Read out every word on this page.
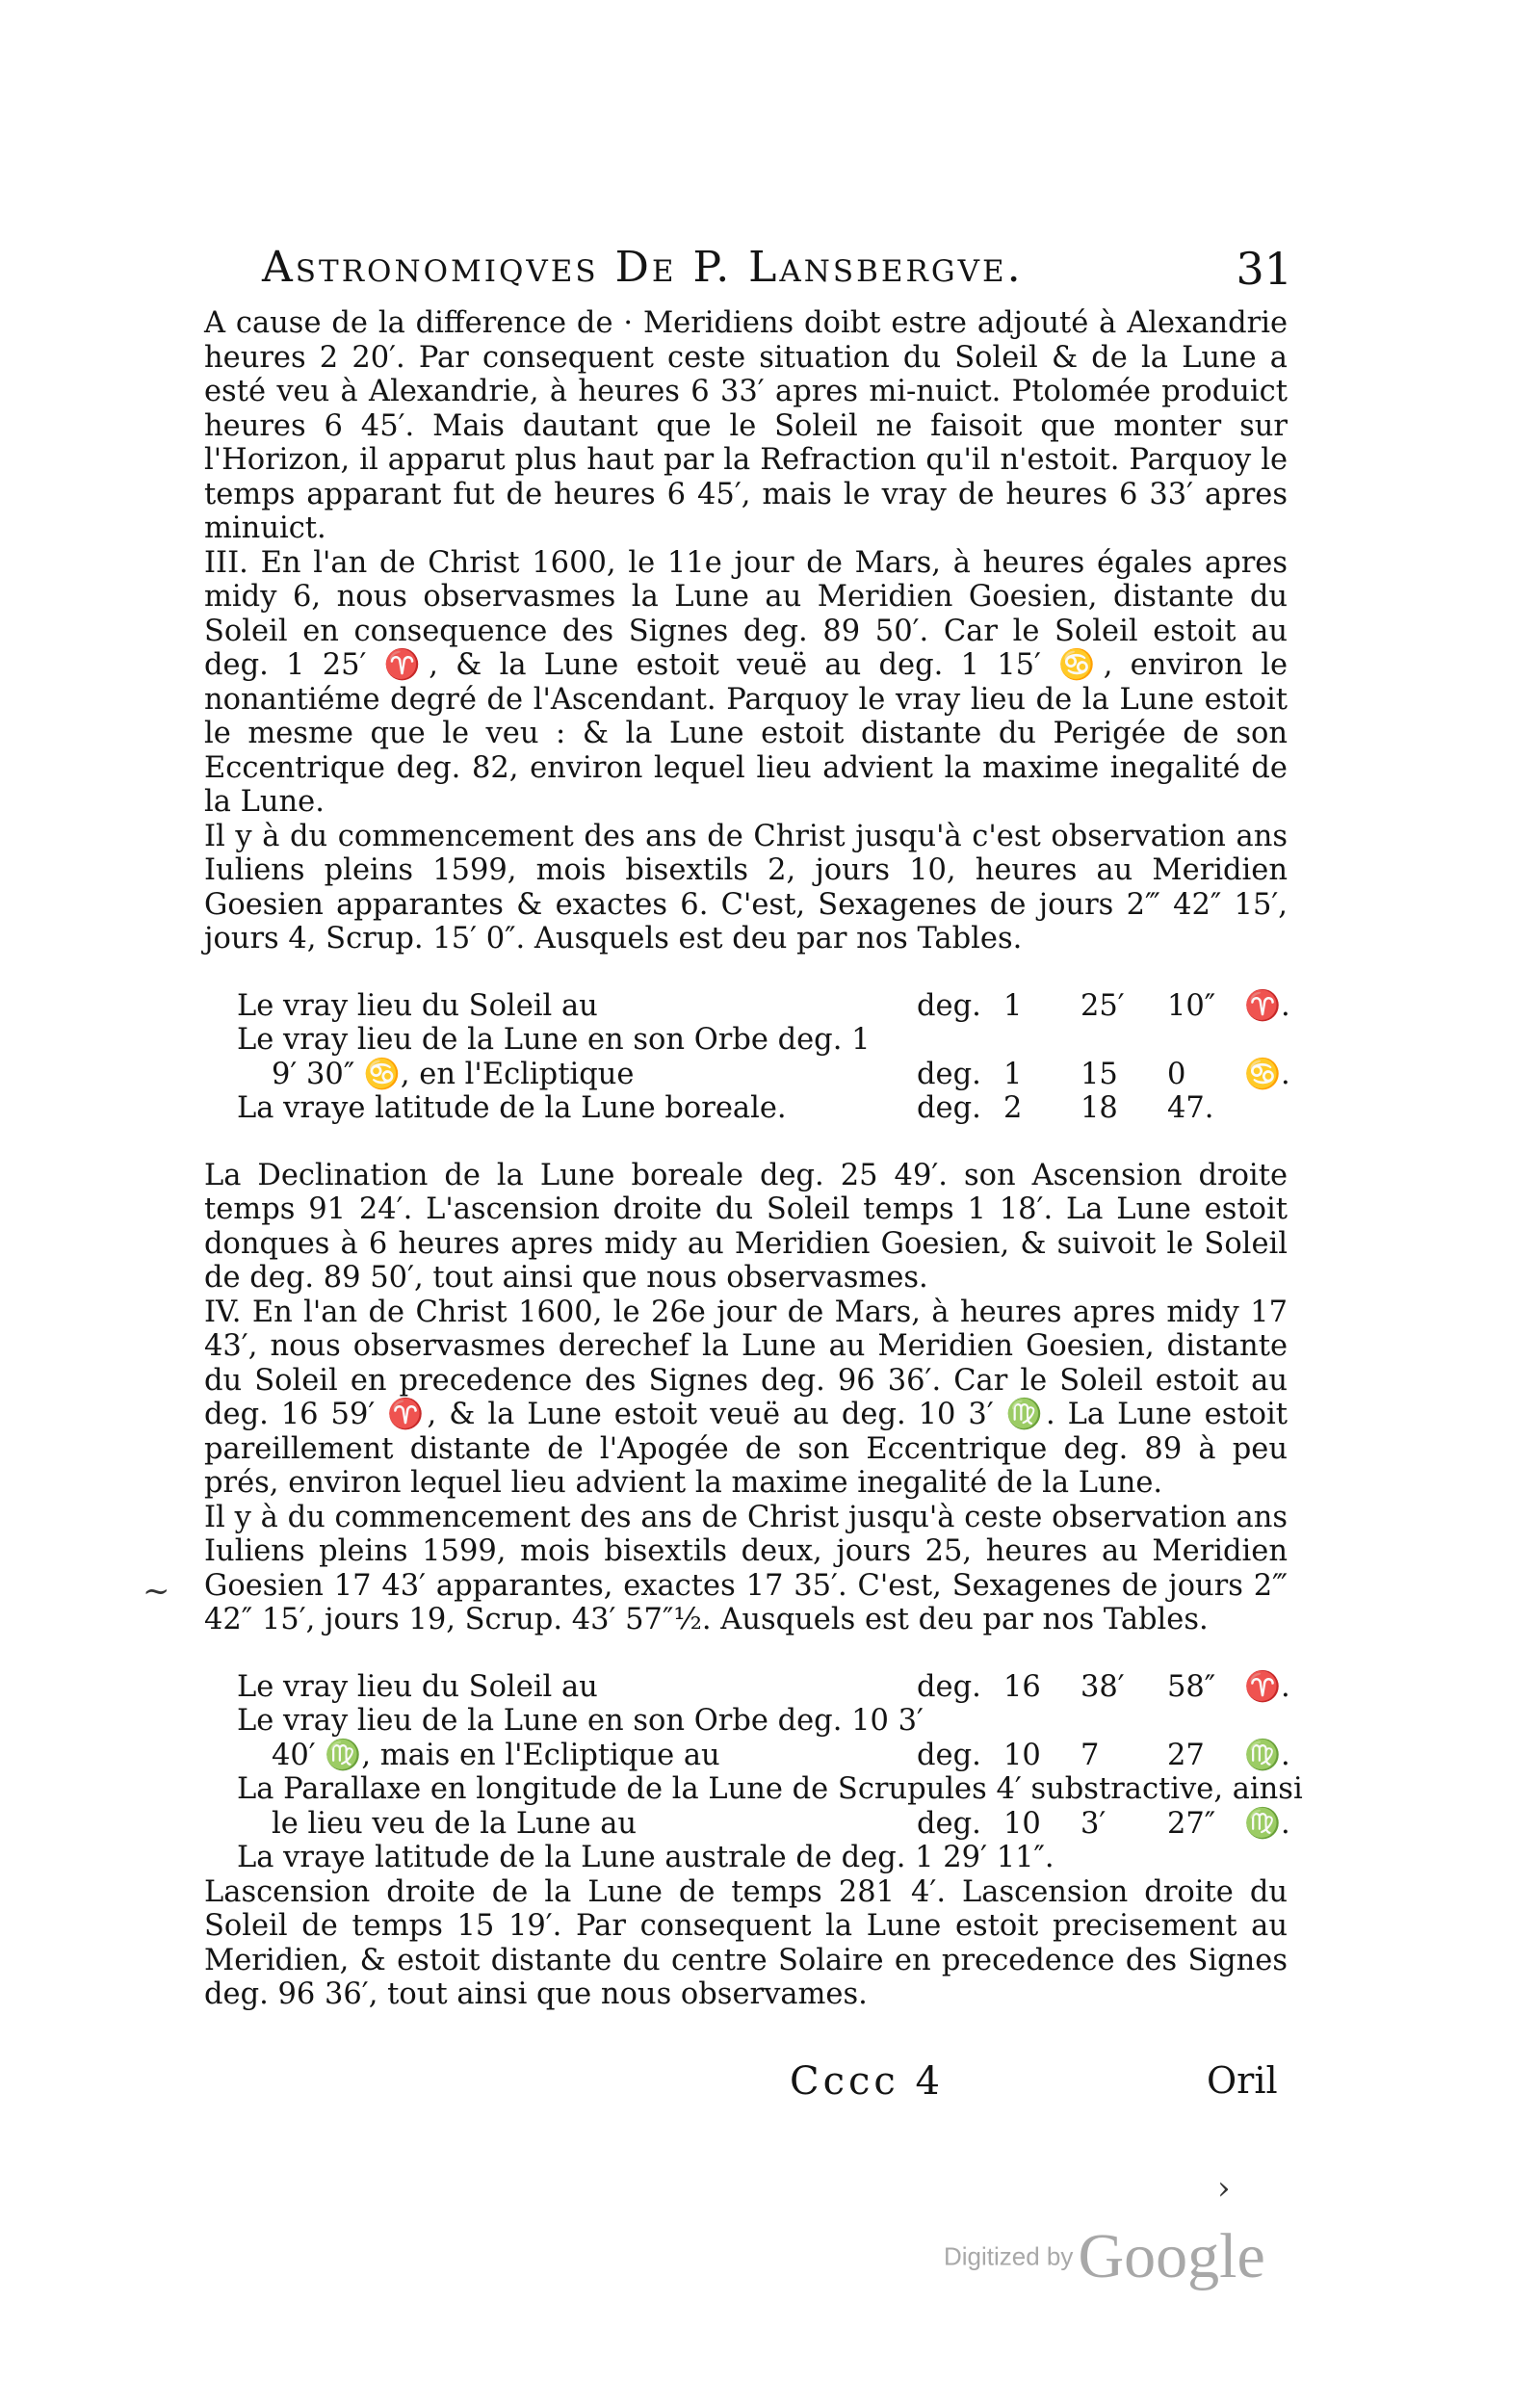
Astronomiqves De P. Lansbergve.	31

A cause de la difference de · Meridiens doibt estre adjouté à Alexandrie heures 2 20′. Par consequent ceste situation du Soleil & de la Lune a esté veu à Alexandrie, à heures 6 33′ apres mi-nuict. Ptolomée produict heures 6 45′. Mais dautant que le Soleil ne faisoit que monter sur l'Horizon, il apparut plus haut par la Refraction qu'il n'estoit. Parquoy le temps apparant fut de heures 6 45′, mais le vray de heures 6 33′ apres minuict.

III. En l'an de Christ 1600, le 11e jour de Mars, à heures égales apres midy 6, nous observasmes la Lune au Meridien Goesien, distante du Soleil en consequence des Signes deg. 89 50′. Car le Soleil estoit au deg. 1 25′ ♈, & la Lune estoit veuë au deg. 1 15′ ♋, environ le nonantiéme degré de l'Ascendant. Parquoy le vray lieu de la Lune estoit le mesme que le veu : & la Lune estoit distante du Perigée de son Eccentrique deg. 82, environ lequel lieu advient la maxime inegalité de la Lune.

Il y à du commencement des ans de Christ jusqu'à c'est observation ans Iuliens pleins 1599, mois bisextils 2, jours 10, heures au Meridien Goesien apparantes & exactes 6. C'est, Sexagenes de jours 2‴ 42″ 15′, jours 4, Scrup. 15′ 0″. Ausquels est deu par nos Tables.

Le vray lieu du Soleil au	deg. 1 25′ 10″ ♈.
Le vray lieu de la Lune en son Orbe deg. 1
9′ 30″ ♋, en l'Ecliptique	deg. 1 15 0 ♋.
La vraye latitude de la Lune boreale.	deg. 2 18 47.

La Declination de la Lune boreale deg. 25 49′. son Ascension droite temps 91 24′. L'ascension droite du Soleil temps 1 18′. La Lune estoit donques à 6 heures apres midy au Meridien Goesien, & suivoit le Soleil de deg. 89 50′, tout ainsi que nous observasmes.

IV. En l'an de Christ 1600, le 26e jour de Mars, à heures apres midy 17 43′, nous observasmes derechef la Lune au Meridien Goesien, distante du Soleil en precedence des Signes deg. 96 36′. Car le Soleil estoit au deg. 16 59′ ♈, & la Lune estoit veuë au deg. 10 3′ ♍. La Lune estoit pareillement distante de l'Apogée de son Eccentrique deg. 89 à peu prés, environ lequel lieu advient la maxime inegalité de la Lune.

Il y à du commencement des ans de Christ jusqu'à ceste observation ans Iuliens pleins 1599, mois bisextils deux, jours 25, heures au Meridien Goesien 17 43′ apparantes, exactes 17 35′. C'est, Sexagenes de jours 2‴ 42″ 15′, jours 19, Scrup. 43′ 57″½. Ausquels est deu par nos Tables.

Le vray lieu du Soleil au	deg. 16 38′ 58″ ♈.
Le vray lieu de la Lune en son Orbe deg. 10 3′
40′ ♍, mais en l'Ecliptique au	deg. 10 7 27 ♍.
La Parallaxe en longitude de la Lune de Scrupules 4′ substractive, ainsi
le lieu veu de la Lune au	deg. 10 3′ 27″ ♍.
La vraye latitude de la Lune australe de deg. 1 29′ 11″.

Lascension droite de la Lune de temps 281 4′. Lascension droite du Soleil de temps 15 19′. Par consequent la Lune estoit precisement au Meridien, & estoit distante du centre Solaire en precedence des Signes deg. 96 36′, tout ainsi que nous observames.

Cccc 4	Oril
~
›
Digitized by Google
